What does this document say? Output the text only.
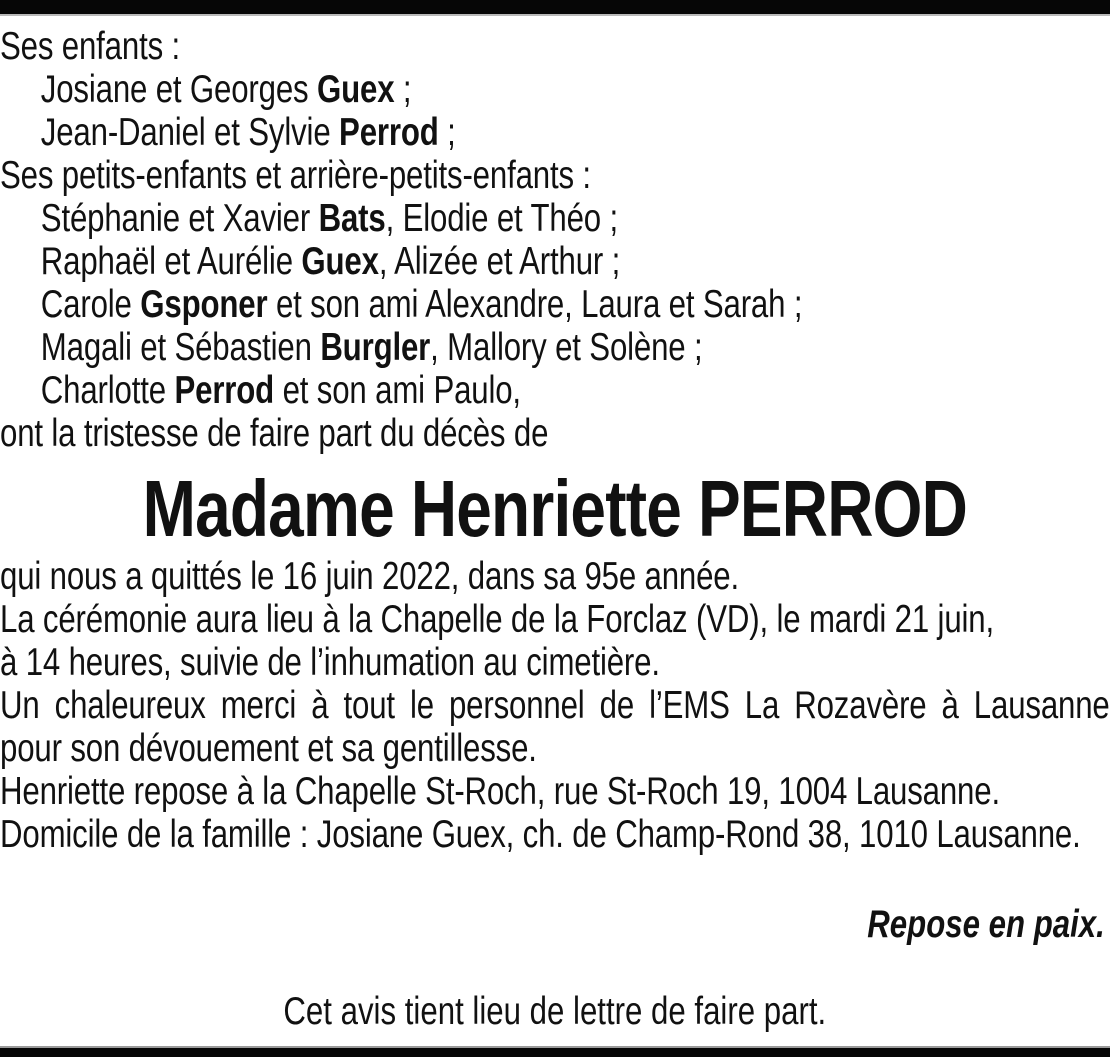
Ses enfants :
Josiane et Georges Guex ;
Jean-Daniel et Sylvie Perrod ;
Ses petits-enfants et arrière-petits-enfants :
Stéphanie et Xavier Bats, Elodie et Théo ;
Raphaël et Aurélie Guex, Alizée et Arthur ;
Carole Gsponer et son ami Alexandre, Laura et Sarah ;
Magali et Sébastien Burgler, Mallory et Solène ;
Charlotte Perrod et son ami Paulo,
ont la tristesse de faire part du décès de
Madame Henriette PERROD
qui nous a quittés le 16 juin 2022, dans sa 95e année.
La cérémonie aura lieu à la Chapelle de la Forclaz (VD), le mardi 21 juin,
à 14 heures, suivie de l’inhumation au cimetière.
Un chaleureux merci à tout le personnel de l’EMS La Rozavère à Lausanne
pour son dévouement et sa gentillesse.
Henriette repose à la Chapelle St-Roch, rue St-Roch 19, 1004 Lausanne.
Domicile de la famille : Josiane Guex, ch. de Champ-Rond 38, 1010 Lausanne.
Repose en paix.
Cet avis tient lieu de lettre de faire part.
